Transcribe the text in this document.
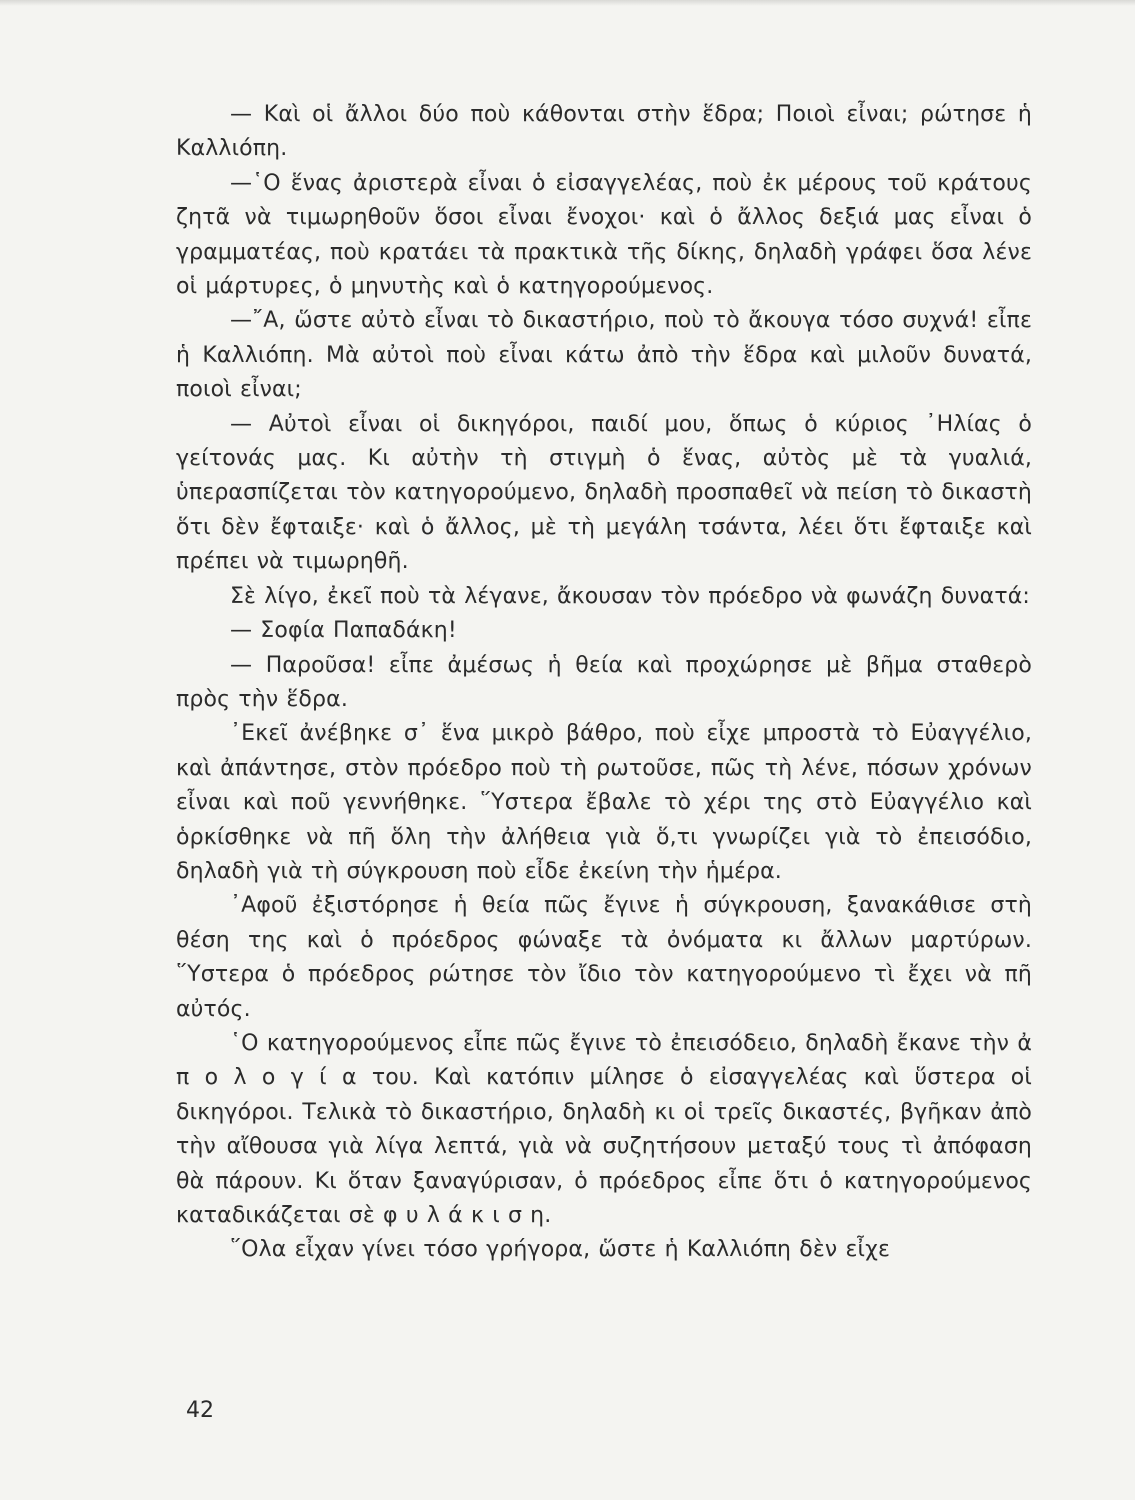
— Καὶ οἱ ἄλλοι δύο ποὺ κάθονται στὴν ἕδρα; Ποιοὶ εἶναι; ρώτησε ἡ Καλλιόπη.

—῾Ο ἕνας ἀριστερὰ εἶναι ὁ εἰσαγγελέας, ποὺ ἐκ μέρους τοῦ κράτους ζητᾶ νὰ τιμωρηθοῦν ὅσοι εἶναι ἔνοχοι· καὶ ὁ ἄλλος δεξιά μας εἶναι ὁ γραμματέας, ποὺ κρατάει τὰ πρακτικὰ τῆς δίκης, δηλαδὴ γράφει ὅσα λένε οἱ μάρτυρες, ὁ μηνυτὴς καὶ ὁ κατηγορούμενος.

—῎Α, ὥστε αὐτὸ εἶναι τὸ δικαστήριο, ποὺ τὸ ἄκουγα τόσο συχνά! εἶπε ἡ Καλλιόπη. Μὰ αὐτοὶ ποὺ εἶναι κάτω ἀπὸ τὴν ἕδρα καὶ μιλοῦν δυνατά, ποιοὶ εἶναι;

— Αὐτοὶ εἶναι οἱ δικηγόροι, παιδί μου, ὅπως ὁ κύριος ᾿Ηλίας ὁ γείτονάς μας. Κι αὐτὴν τὴ στιγμὴ ὁ ἕνας, αὐτὸς μὲ τὰ γυαλιά, ὑπερασπίζεται τὸν κατηγορούμενο, δηλαδὴ προσπαθεῖ νὰ πείση τὸ δικαστὴ ὅτι δὲν ἔφταιξε· καὶ ὁ ἄλλος, μὲ τὴ μεγάλη τσάντα, λέει ὅτι ἔφταιξε καὶ πρέπει νὰ τιμωρηθῆ.

Σὲ λίγο, ἐκεῖ ποὺ τὰ λέγανε, ἄκουσαν τὸν πρόεδρο νὰ φωνάζη δυνατά:

— Σοφία Παπαδάκη!

— Παροῦσα! εἶπε ἀμέσως ἡ θεία καὶ προχώρησε μὲ βῆμα σταθερὸ πρὸς τὴν ἕδρα.

᾿Εκεῖ ἀνέβηκε σ᾿ ἕνα μικρὸ βάθρο, ποὺ εἶχε μπροστὰ τὸ Εὐαγγέλιο, καὶ ἀπάντησε, στὸν πρόεδρο ποὺ τὴ ρωτοῦσε, πῶς τὴ λένε, πόσων χρόνων εἶναι καὶ ποῦ γεννήθηκε. ῞Υστερα ἔβαλε τὸ χέρι της στὸ Εὐαγγέλιο καὶ ὁρκίσθηκε νὰ πῆ ὅλη τὴν ἀλήθεια γιὰ ὅ,τι γνωρίζει γιὰ τὸ ἐπεισόδιο, δηλαδὴ γιὰ τὴ σύγκρουση ποὺ εἶδε ἐκείνη τὴν ἡμέρα.

᾿Αφοῦ ἐξιστόρησε ἡ θεία πῶς ἔγινε ἡ σύγκρουση, ξανακάθισε στὴ θέση της καὶ ὁ πρόεδρος φώναξε τὰ ὀνόματα κι ἄλλων μαρτύρων. ῞Υστερα ὁ πρόεδρος ρώτησε τὸν ἴδιο τὸν κατηγορούμενο τὶ ἔχει νὰ πῆ αὐτός.

῾Ο κατηγορούμενος εἶπε πῶς ἔγινε τὸ ἐπεισόδειο, δηλαδὴ ἔκανε τὴν ἀ π ο λ ο γ ί α του. Καὶ κατόπιν μίλησε ὁ εἰσαγγελέας καὶ ὕστερα οἱ δικηγόροι. Τελικὰ τὸ δικαστήριο, δηλαδὴ κι οἱ τρεῖς δικαστές, βγῆκαν ἀπὸ τὴν αἴθουσα γιὰ λίγα λεπτά, γιὰ νὰ συζητήσουν μεταξύ τους τὶ ἀπόφαση θὰ πάρουν. Κι ὅταν ξαναγύρισαν, ὁ πρόεδρος εἶπε ὅτι ὁ κατηγορούμενος καταδικάζεται σὲ φ υ λ ά κ ι σ η.

῞Ολα εἶχαν γίνει τόσο γρήγορα, ὥστε ἡ Καλλιόπη δὲν εἶχε

42
